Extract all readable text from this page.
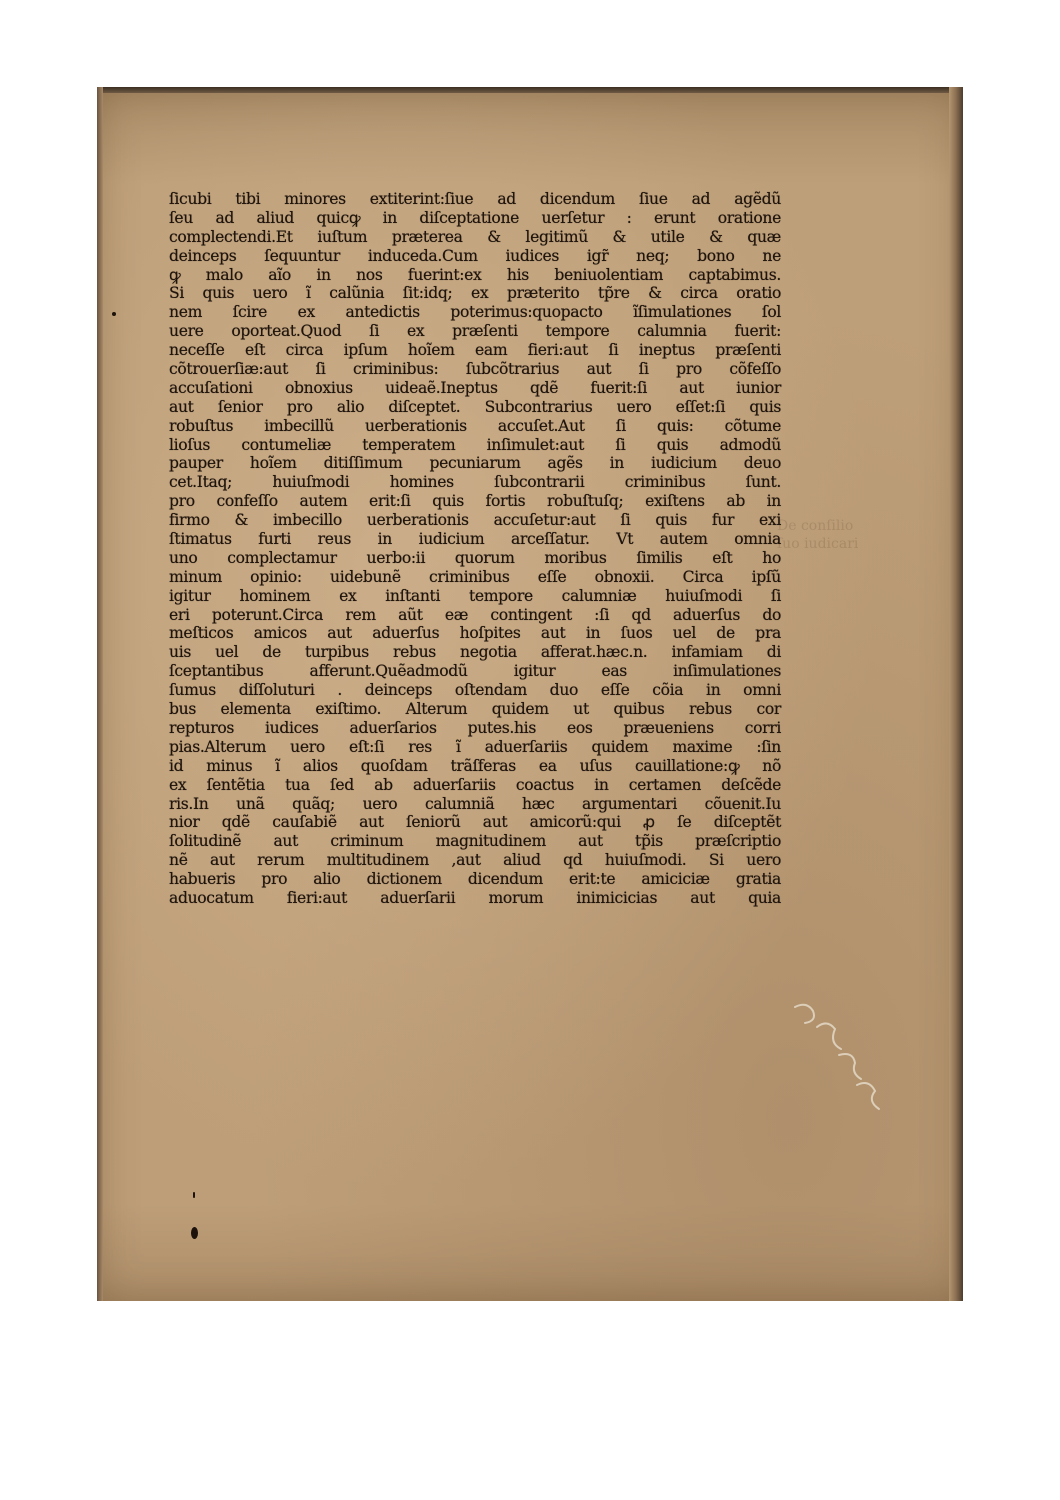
De conſilio
ſuo iudicari
ſicubi tibi minores extiterint:ſiue ad dicendum ſiue ad agẽdũ
ſeu ad aliud quicꝙ in diſceptatione uerſetur : erunt oratione
complectendi.Et iuſtum præterea & legitimũ & utile & quæ
deinceps ſequuntur induceda.Cum iudices igr̃ neq; bono ne
ꝙ malo aĩo in nos fuerint:ex his beniuolentiam captabimus.
Si quis uero ĩ calũnia ſit:idq; ex præterito tp̃re & circa oratio
nem ſcire ex antedictis poterimus:quopacto ĩſimulationes ſol
uere oporteat.Quod ſi ex præſenti tempore calumnia fuerit:
neceſſe eſt circa ipſum hoĩem eam fieri:aut ſi ineptus præſenti
cõtrouerſiæ:aut ſi criminibus: ſubcõtrarius aut ſi pro cõfeſſo
accuſationi obnoxius uideaẽ.Ineptus qdẽ fuerit:ſi aut iunior
aut ſenior pro alio diſceptet. Subcontrarius uero eſſet:ſi quis
robuſtus imbecillũ uerberationis accuſet.Aut ſi quis: cõtume
lioſus contumeliæ temperatem inſimulet:aut ſi quis admodũ
pauper hoĩem ditiſſimum pecuniarum agẽs in iudicium deuo
cet.Itaq; huiuſmodi homines ſubcontrarii criminibus ſunt.
pro confeſſo autem erit:ſi quis fortis robuſtuſq; exiſtens ab in
firmo & imbecillo uerberationis accuſetur:aut ſi quis fur exi
ſtimatus furti reus in iudicium arceſſatur. Vt autem omnia
uno complectamur uerbo:ii quorum moribus ſimilis eſt ho
minum opinio: uidebunẽ criminibus eſſe obnoxii. Circa ipſũ
igitur hominem ex inſtanti tempore calumniæ huiuſmodi ſi
eri poterunt.Circa rem aũt eæ contingent :ſi qd aduerſus do
meſticos amicos aut aduerſus hoſpites aut in ſuos uel de pra
uis uel de turpibus rebus negotia afferat.hæc.n. infamiam di
ſceptantibus afferunt.Quẽadmodũ igitur eas inſimulationes
ſumus diſſoluturi . deinceps oſtendam duo eſſe cõia in omni
bus elementa exiſtimo. Alterum quidem ut quibus rebus cor
repturos iudices aduerſarios putes.his eos præueniens corri
pias.Alterum uero eſt:ſi res ĩ aduerſariis quidem maxime :ſin
id minus ĩ alios quoſdam trãſferas ea uſus cauillatione:ꝙ nõ
ex ſentẽtia tua ſed ab aduerſariis coactus in certamen deſcẽde
ris.In unã quãq; uero calumniã hæc argumentari cõuenit.Iu
nior qdẽ cauſabiẽ aut ſeniorũ aut amicorũ:qui ꝓ ſe diſceptẽt
ſolitudinẽ aut criminum magnitudinem aut tp̃is præſcriptio
nẽ aut rerum multitudinem ,aut aliud qd huiuſmodi. Si uero
habueris pro alio dictionem dicendum erit:te amiciciæ gratia
aduocatum fieri:aut aduerſarii morum inimicicias aut quia
